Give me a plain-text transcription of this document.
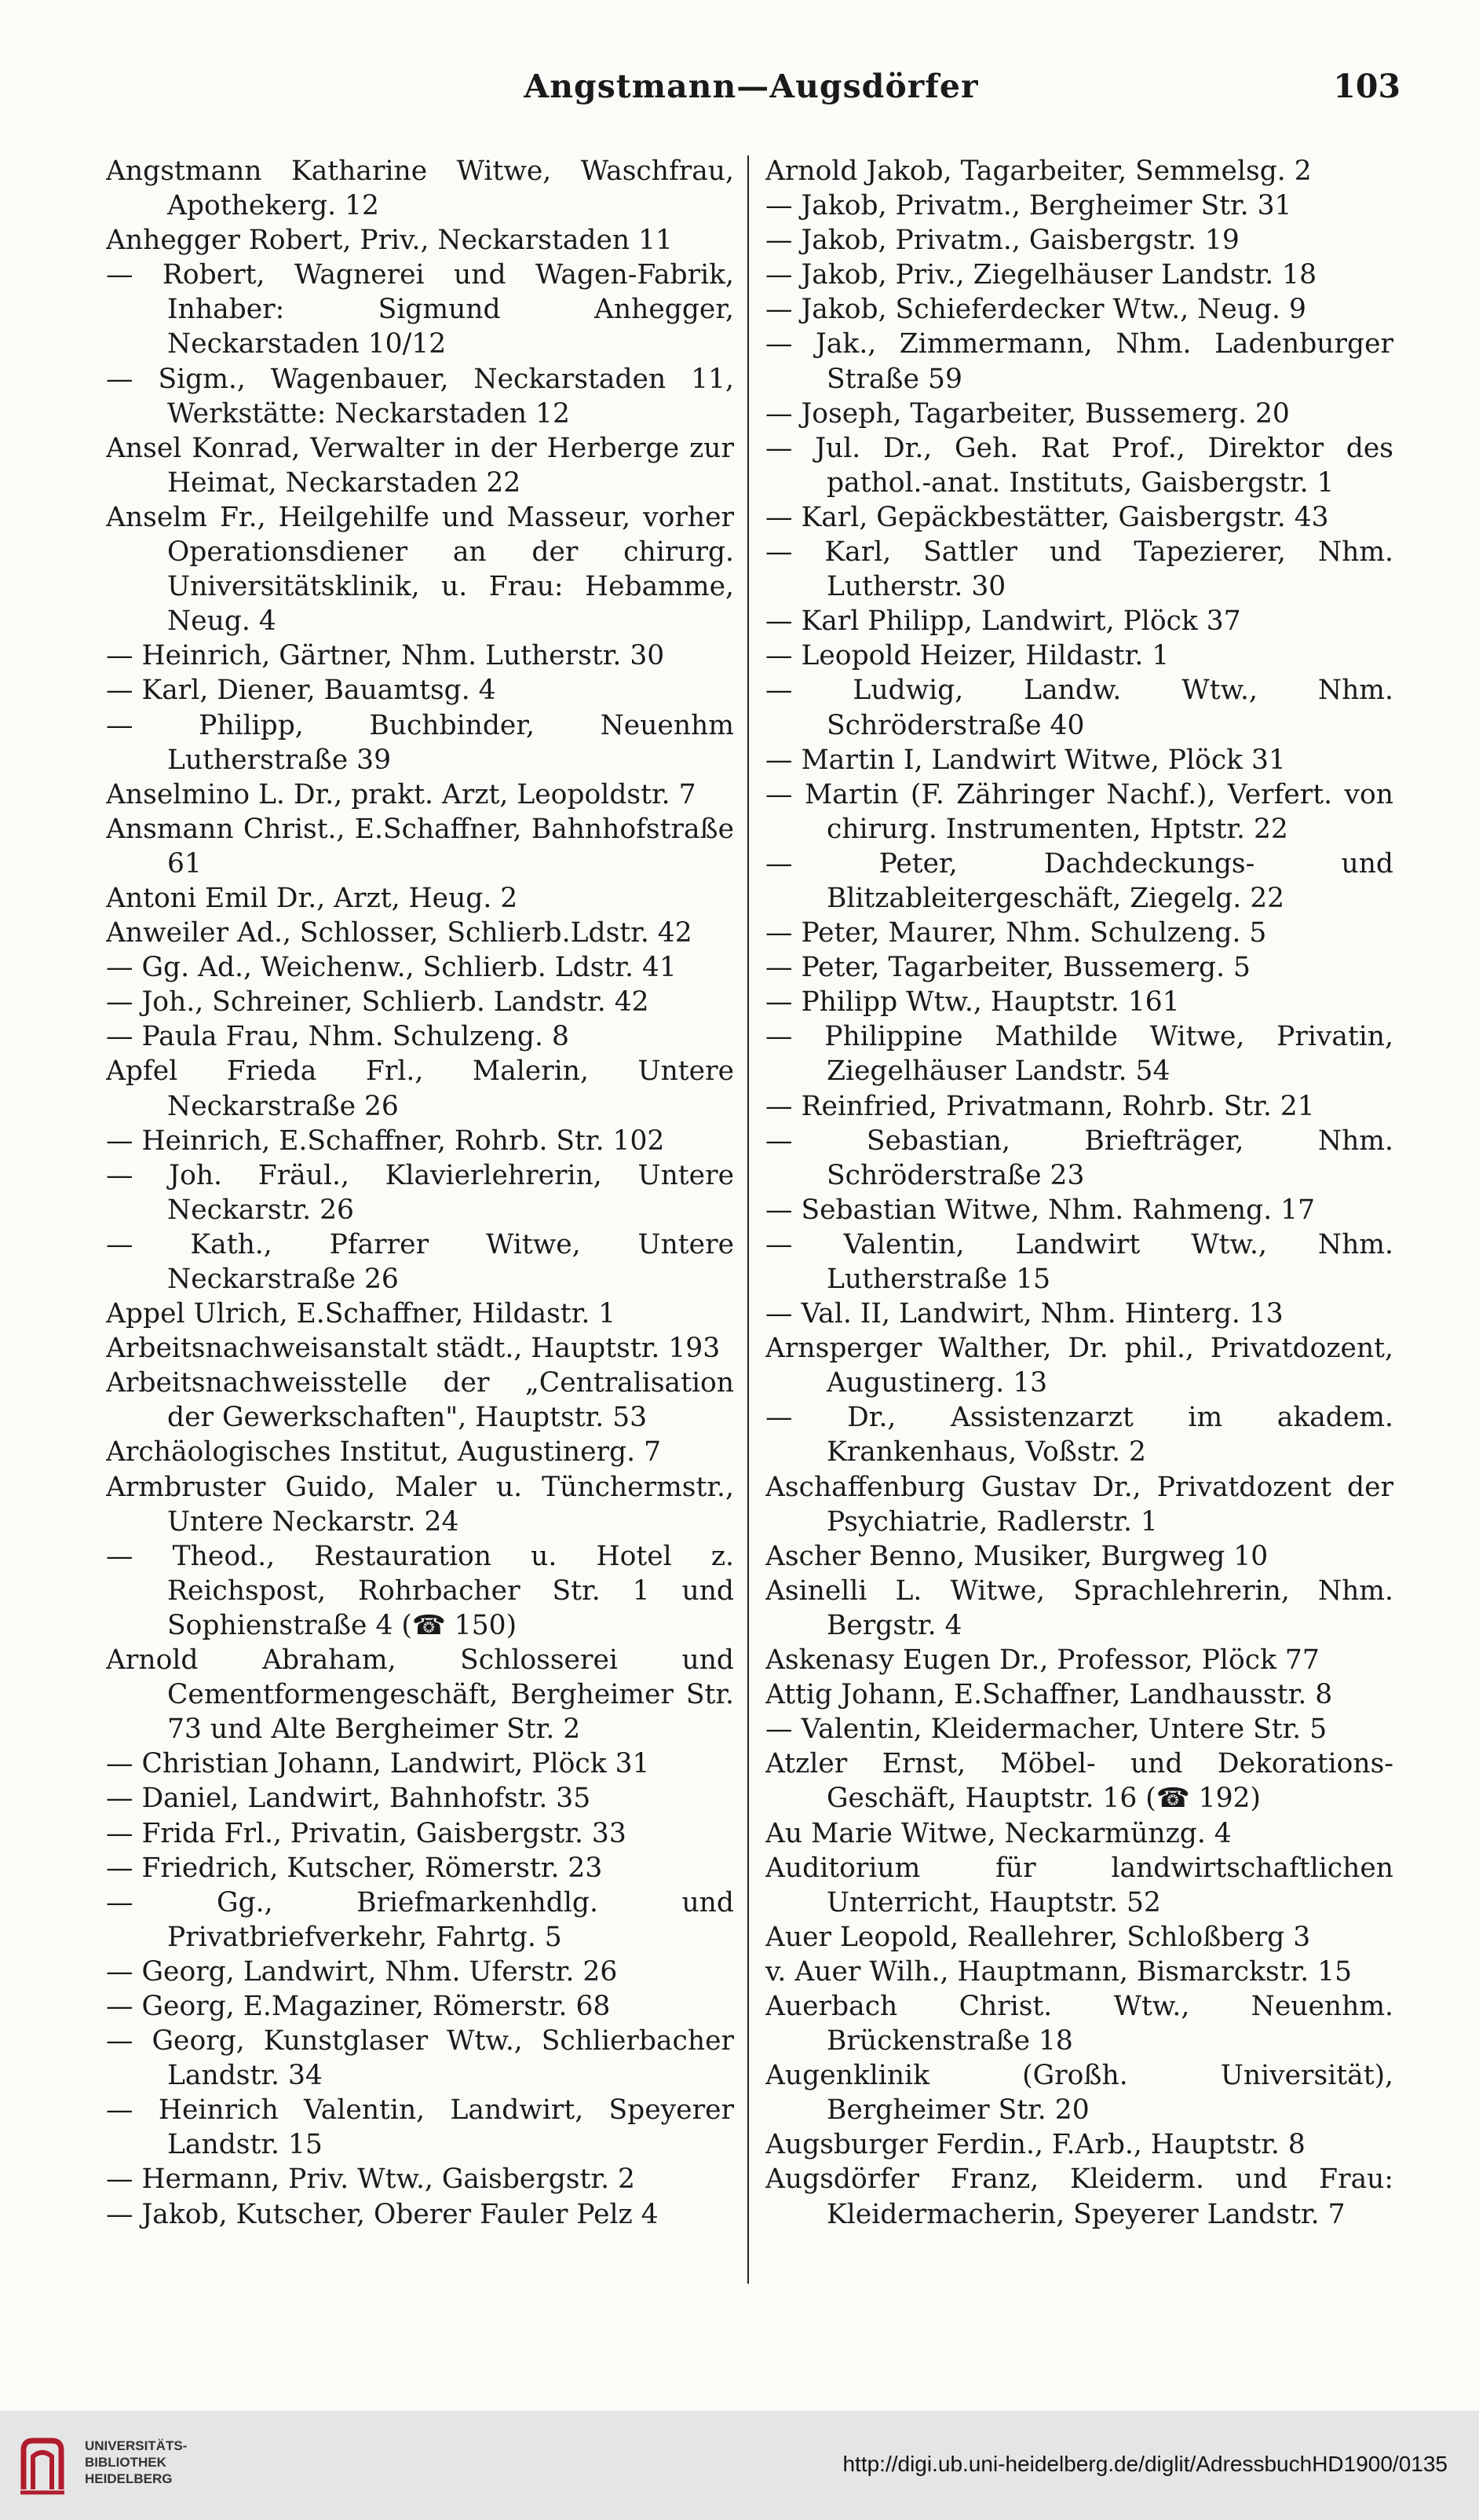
Angstmann—Augsdörfer	103
Angstmann Katharine Witwe, Waschfrau, Apothekerg. 12
Anhegger Robert, Priv., Neckarstaden 11
— Robert, Wagnerei und Wagen-Fabrik, Inhaber: Sigmund Anhegger, Neckarstaden 10/12
— Sigm., Wagenbauer, Neckarstaden 11, Werkstätte: Neckarstaden 12
Ansel Konrad, Verwalter in der Herberge zur Heimat, Neckarstaden 22
Anselm Fr., Heilgehilfe und Masseur, vorher Operationsdiener an der chirurg. Universitätsklinik, u. Frau: Hebamme, Neug. 4
— Heinrich, Gärtner, Nhm. Lutherstr. 30
— Karl, Diener, Bauamtsg. 4
— Philipp, Buchbinder, Neuenhm Lutherstraße 39
Anselmino L. Dr., prakt. Arzt, Leopoldstr. 7
Ansmann Christ., E.Schaffner, Bahnhofstraße 61
Antoni Emil Dr., Arzt, Heug. 2
Anweiler Ad., Schlosser, Schlierb.Ldstr. 42
— Gg. Ad., Weichenw., Schlierb. Ldstr. 41
— Joh., Schreiner, Schlierb. Landstr. 42
— Paula Frau, Nhm. Schulzeng. 8
Apfel Frieda Frl., Malerin, Untere Neckarstraße 26
— Heinrich, E.Schaffner, Rohrb. Str. 102
— Joh. Fräul., Klavierlehrerin, Untere Neckarstr. 26
— Kath., Pfarrer Witwe, Untere Neckarstraße 26
Appel Ulrich, E.Schaffner, Hildastr. 1
Arbeitsnachweisanstalt städt., Hauptstr. 193
Arbeitsnachweisstelle der „Centralisation der Gewerkschaften", Hauptstr. 53
Archäologisches Institut, Augustinerg. 7
Armbruster Guido, Maler u. Tünchermstr., Untere Neckarstr. 24
— Theod., Restauration u. Hotel z. Reichspost, Rohrbacher Str. 1 und Sophienstraße 4 (☎ 150)
Arnold Abraham, Schlosserei und Cementformengeschäft, Bergheimer Str. 73 und Alte Bergheimer Str. 2
— Christian Johann, Landwirt, Plöck 31
— Daniel, Landwirt, Bahnhofstr. 35
— Frida Frl., Privatin, Gaisbergstr. 33
— Friedrich, Kutscher, Römerstr. 23
— Gg., Briefmarkenhdlg. und Privatbriefverkehr, Fahrtg. 5
— Georg, Landwirt, Nhm. Uferstr. 26
— Georg, E.Magaziner, Römerstr. 68
— Georg, Kunstglaser Wtw., Schlierbacher Landstr. 34
— Heinrich Valentin, Landwirt, Speyerer Landstr. 15
— Hermann, Priv. Wtw., Gaisbergstr. 2
— Jakob, Kutscher, Oberer Fauler Pelz 4
Arnold Jakob, Tagarbeiter, Semmelsg. 2
— Jakob, Privatm., Bergheimer Str. 31
— Jakob, Privatm., Gaisbergstr. 19
— Jakob, Priv., Ziegelhäuser Landstr. 18
— Jakob, Schieferdecker Wtw., Neug. 9
— Jak., Zimmermann, Nhm. Ladenburger Straße 59
— Joseph, Tagarbeiter, Bussemerg. 20
— Jul. Dr., Geh. Rat Prof., Direktor des pathol.-anat. Instituts, Gaisbergstr. 1
— Karl, Gepäckbestätter, Gaisbergstr. 43
— Karl, Sattler und Tapezierer, Nhm. Lutherstr. 30
— Karl Philipp, Landwirt, Plöck 37
— Leopold Heizer, Hildastr. 1
— Ludwig, Landw. Wtw., Nhm. Schröderstraße 40
— Martin I, Landwirt Witwe, Plöck 31
— Martin (F. Zähringer Nachf.), Verfert. von chirurg. Instrumenten, Hptstr. 22
— Peter, Dachdeckungs- und Blitzableitergeschäft, Ziegelg. 22
— Peter, Maurer, Nhm. Schulzeng. 5
— Peter, Tagarbeiter, Bussemerg. 5
— Philipp Wtw., Hauptstr. 161
— Philippine Mathilde Witwe, Privatin, Ziegelhäuser Landstr. 54
— Reinfried, Privatmann, Rohrb. Str. 21
— Sebastian, Briefträger, Nhm. Schröderstraße 23
— Sebastian Witwe, Nhm. Rahmeng. 17
— Valentin, Landwirt Wtw., Nhm. Lutherstraße 15
— Val. II, Landwirt, Nhm. Hinterg. 13
Arnsperger Walther, Dr. phil., Privatdozent, Augustinerg. 13
— Dr., Assistenzarzt im akadem. Krankenhaus, Voßstr. 2
Aschaffenburg Gustav Dr., Privatdozent der Psychiatrie, Radlerstr. 1
Ascher Benno, Musiker, Burgweg 10
Asinelli L. Witwe, Sprachlehrerin, Nhm. Bergstr. 4
Askenasy Eugen Dr., Professor, Plöck 77
Attig Johann, E.Schaffner, Landhausstr. 8
— Valentin, Kleidermacher, Untere Str. 5
Atzler Ernst, Möbel- und Dekorations-Geschäft, Hauptstr. 16 (☎ 192)
Au Marie Witwe, Neckarmünzg. 4
Auditorium für landwirtschaftlichen Unterricht, Hauptstr. 52
Auer Leopold, Reallehrer, Schloßberg 3
v. Auer Wilh., Hauptmann, Bismarckstr. 15
Auerbach Christ. Wtw., Neuenhm. Brückenstraße 18
Augenklinik (Großh. Universität), Bergheimer Str. 20
Augsburger Ferdin., F.Arb., Hauptstr. 8
Augsdörfer Franz, Kleiderm. und Frau: Kleidermacherin, Speyerer Landstr. 7
UNIVERSITÄTS-
BIBLIOTHEK
HEIDELBERG
http://digi.ub.uni-heidelberg.de/diglit/AdressbuchHD1900/0135
